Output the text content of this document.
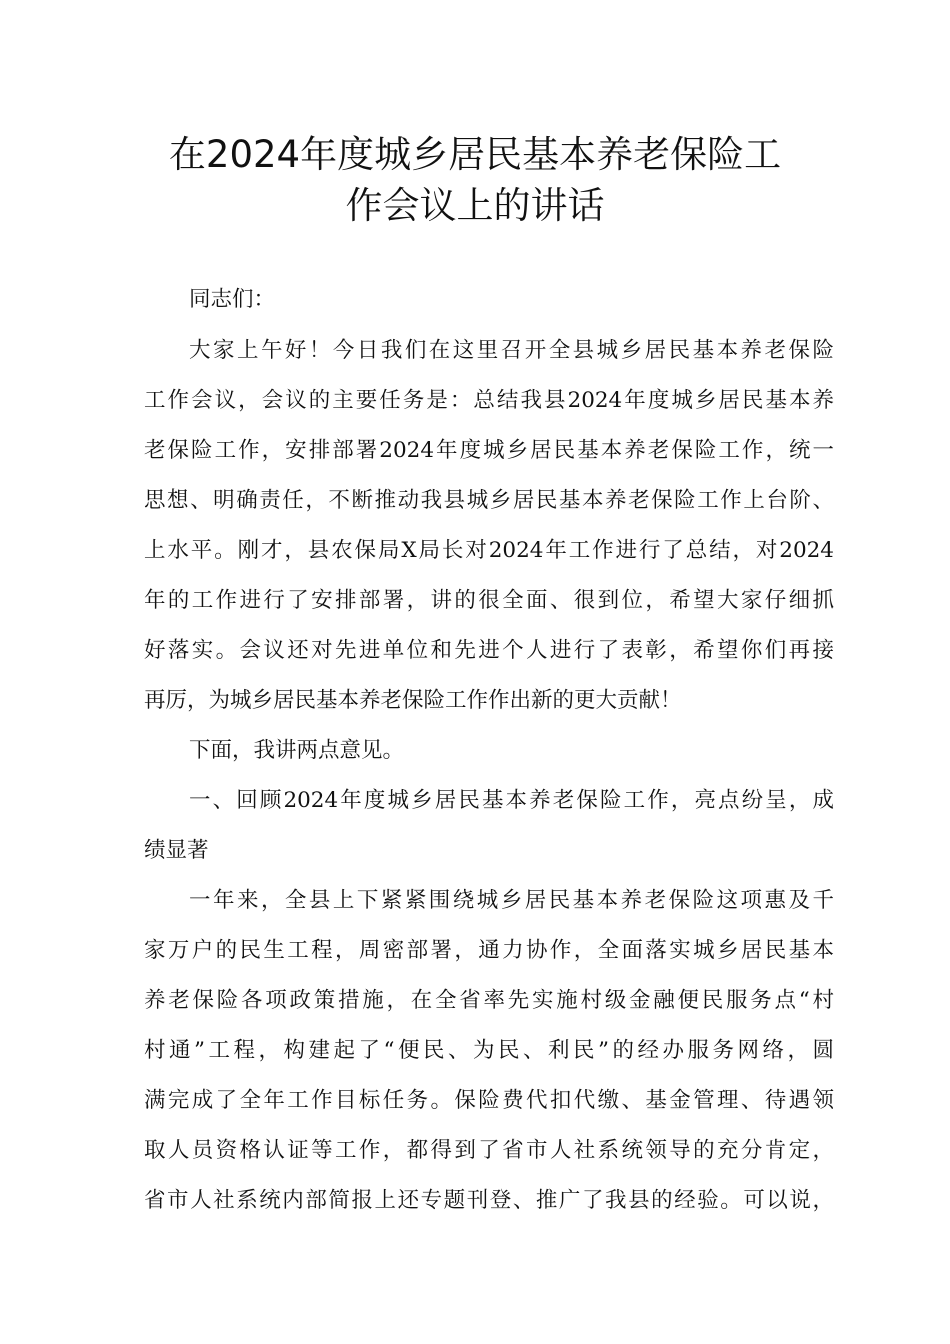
在2024年度城乡居民基本养老保险工
作会议上的讲话
同志们：
大家上午好！今日我们在这里召开全县城乡居民基本养老保险
工作会议，会议的主要任务是：总结我县2024年度城乡居民基本养
老保险工作，安排部署2024年度城乡居民基本养老保险工作，统一
思想、明确责任，不断推动我县城乡居民基本养老保险工作上台阶、
上水平。刚才，县农保局X局长对2024年工作进行了总结，对2024
年的工作进行了安排部署，讲的很全面、很到位，希望大家仔细抓
好落实。会议还对先进单位和先进个人进行了表彰，希望你们再接
再厉，为城乡居民基本养老保险工作作出新的更大贡献！
下面，我讲两点意见。
一、回顾2024年度城乡居民基本养老保险工作，亮点纷呈，成
绩显著
一年来，全县上下紧紧围绕城乡居民基本养老保险这项惠及千
家万户的民生工程，周密部署，通力协作，全面落实城乡居民基本
养老保险各项政策措施，在全省率先实施村级金融便民服务点“村
村通”工程，构建起了“便民、为民、利民”的经办服务网络，圆
满完成了全年工作目标任务。保险费代扣代缴、基金管理、待遇领
取人员资格认证等工作，都得到了省市人社系统领导的充分肯定，
省市人社系统内部简报上还专题刊登、推广了我县的经验。可以说，
